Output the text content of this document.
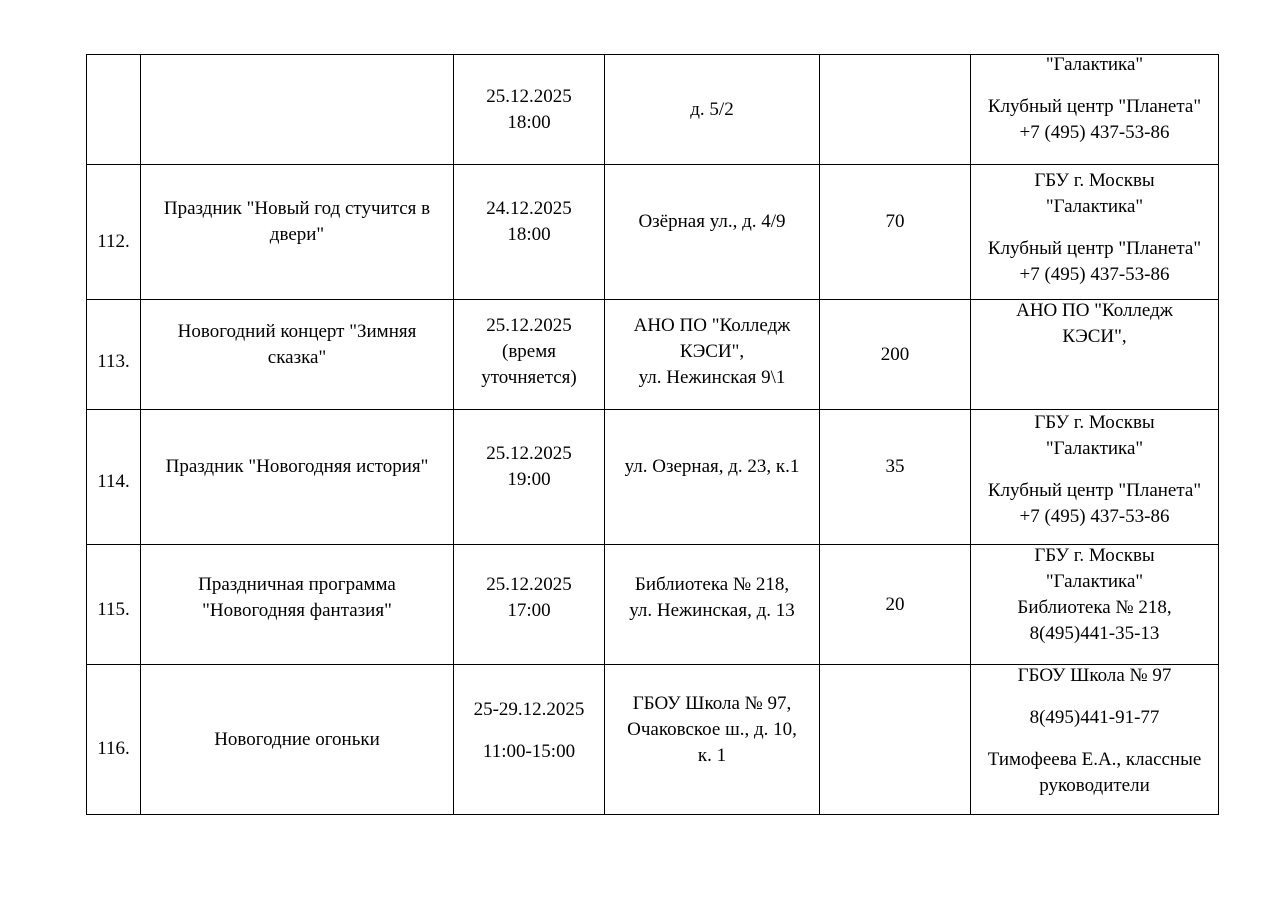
		25.12.2025
18:00	д. 5/2		"Галактика"
Клубный центр "Планета"
+7 (495) 437-53-86

112.	Праздник "Новый год стучится в
двери"	24.12.2025
18:00	Озёрная ул., д. 4/9	70	ГБУ г. Москвы
"Галактика"
Клубный центр "Планета"
+7 (495) 437-53-86

113.	Новогодний концерт "Зимняя
сказка"	25.12.2025
(время
уточняется)	АНО ПО "Колледж
КЭСИ",
ул. Нежинская 9\1	200	АНО ПО "Колледж
КЭСИ",

114.	Праздник "Новогодняя история"	25.12.2025
19:00	ул. Озерная, д. 23, к.1	35	ГБУ г. Москвы
"Галактика"
Клубный центр "Планета"
+7 (495) 437-53-86

115.	Праздничная программа
"Новогодняя фантазия"	25.12.2025
17:00	Библиотека № 218,
ул. Нежинская, д. 13	20	ГБУ г. Москвы
"Галактика"
Библиотека № 218,
8(495)441-35-13

116.	Новогодние огоньки	25-29.12.2025
11:00-15:00	ГБОУ Школа № 97,
Очаковское ш., д. 10,
к. 1		ГБОУ Школа № 97
8(495)441-91-77
Тимофеева Е.А., классные
руководители
